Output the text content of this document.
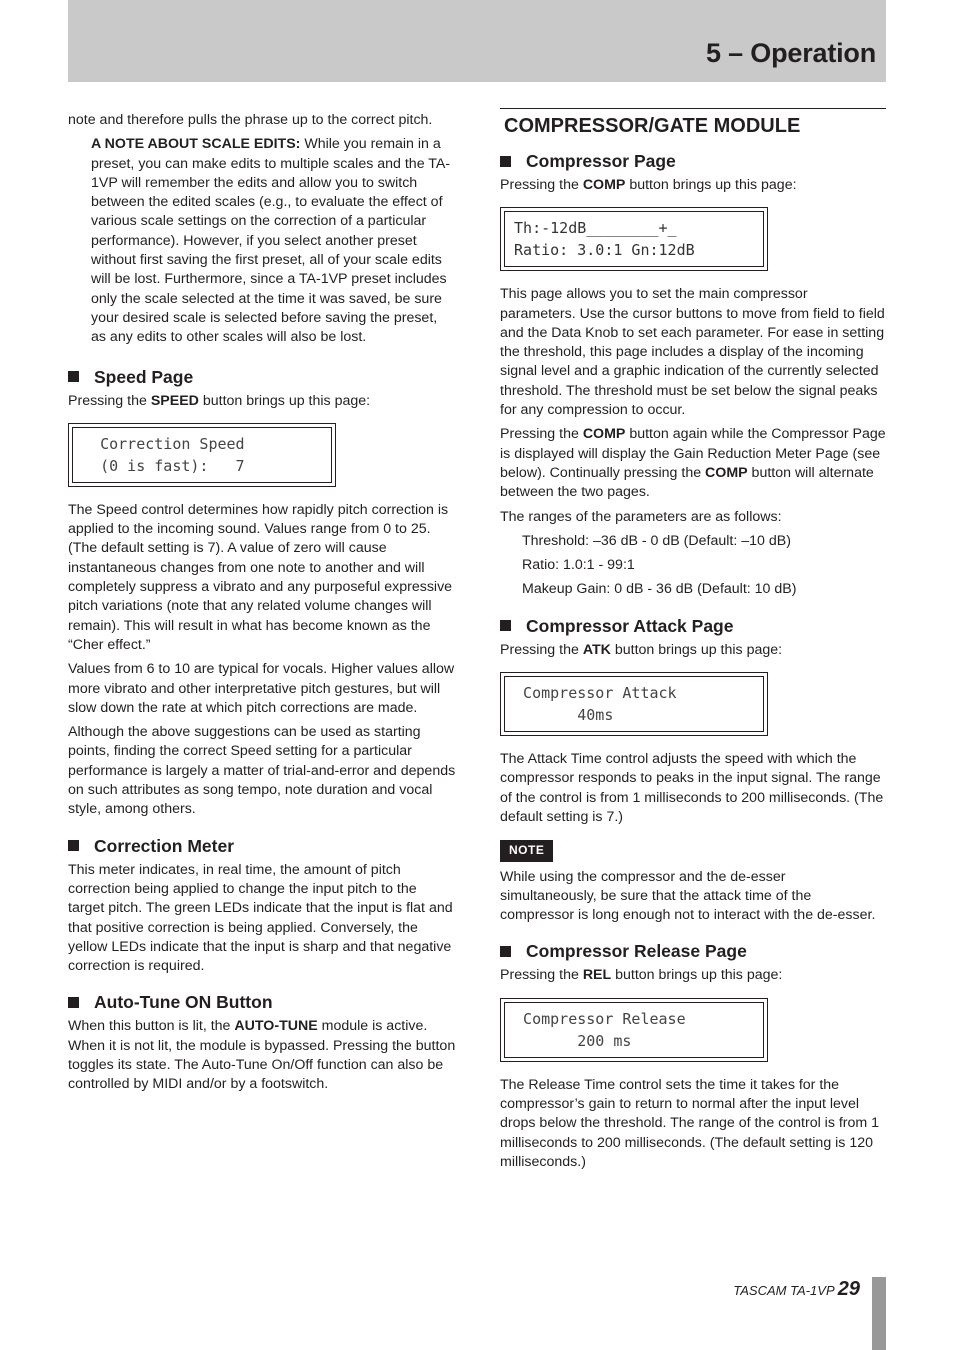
5 – Operation

note and therefore pulls the phrase up to the correct pitch.

A NOTE ABOUT SCALE EDITS: While you remain in a preset, you can make edits to multiple scales and the TA-1VP will remember the edits and allow you to switch between the edited scales (e.g., to evaluate the effect of various scale settings on the correction of a particular performance). However, if you select another preset without first saving the first preset, all of your scale edits will be lost. Furthermore, since a TA-1VP preset includes only the scale selected at the time it was saved, be sure your desired scale is selected before saving the preset, as any edits to other scales will also be lost.

Speed Page

Pressing the SPEED button brings up this page:

Correction Speed
(0 is fast):   7

The Speed control determines how rapidly pitch correction is applied to the incoming sound. Values range from 0 to 25. (The default setting is 7). A value of zero will cause instantaneous changes from one note to another and will completely suppress a vibrato and any purposeful expressive pitch variations (note that any related volume changes will remain). This will result in what has become known as the “Cher effect.”

Values from 6 to 10 are typical for vocals. Higher values allow more vibrato and other interpretative pitch gestures, but will slow down the rate at which pitch corrections are made.

Although the above suggestions can be used as starting points, finding the correct Speed setting for a particular performance is largely a matter of trial-and-error and depends on such attributes as song tempo, note duration and vocal style, among others.

Correction Meter

This meter indicates, in real time, the amount of pitch correction being applied to change the input pitch to the target pitch. The green LEDs indicate that the input is flat and that positive correction is being applied. Conversely, the yellow LEDs indicate that the input is sharp and that negative correction is required.

Auto-Tune ON Button

When this button is lit, the AUTO-TUNE module is active. When it is not lit, the module is bypassed. Pressing the button toggles its state. The Auto-Tune On/Off function can also be controlled by MIDI and/or by a footswitch.

COMPRESSOR/GATE MODULE
Compressor Page

Pressing the COMP button brings up this page:

Th:-12dB________+_
Ratio: 3.0:1 Gn:12dB

This page allows you to set the main compressor parameters. Use the cursor buttons to move from field to field and the Data Knob to set each parameter. For ease in setting the threshold, this page includes a display of the incoming signal level and a graphic indication of the currently selected threshold. The threshold must be set below the signal peaks for any compression to occur.

Pressing the COMP button again while the Compressor Page is displayed will display the Gain Reduction Meter Page (see below). Continually pressing the COMP button will alternate between the two pages.

The ranges of the parameters are as follows:

Threshold: –36 dB - 0 dB (Default: –10 dB)

Ratio: 1.0:1 - 99:1

Makeup Gain: 0 dB - 36 dB (Default: 10 dB)

Compressor Attack Page

Pressing the ATK button brings up this page:

Compressor Attack
40ms

The Attack Time control adjusts the speed with which the compressor responds to peaks in the input signal. The range of the control is from 1 milliseconds to 200 milliseconds. (The default setting is 7.)

NOTE

While using the compressor and the de-esser simultaneously, be sure that the attack time of the compressor is long enough not to interact with the de-esser.

Compressor Release Page

Pressing the REL button brings up this page:

Compressor Release
200 ms

The Release Time control sets the time it takes for the compressor’s gain to return to normal after the input level drops below the threshold. The range of the control is from 1 milliseconds to 200 milliseconds. (The default setting is 120 milliseconds.)

TASCAM TA-1VP 29
